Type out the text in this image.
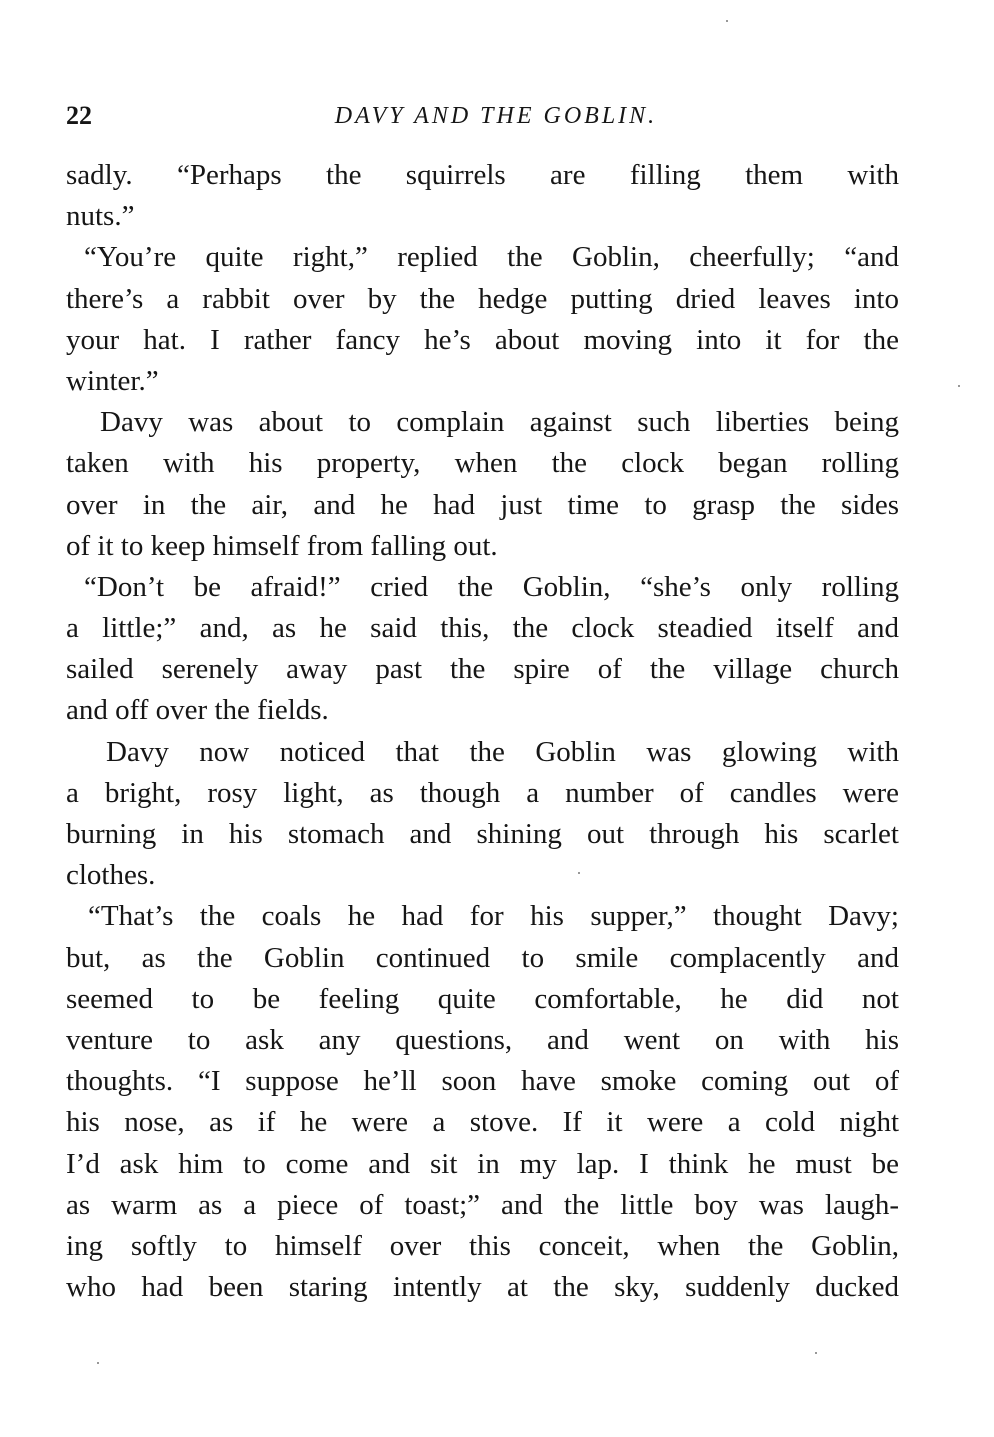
22	DAVY AND THE GOBLIN.
sadly. “Perhaps the squirrels are filling them with
nuts.”
“You’re quite right,” replied the Goblin, cheerfully; “and
there’s a rabbit over by the hedge putting dried leaves into
your hat. I rather fancy he’s about moving into it for the
winter.”
Davy was about to complain against such liberties being
taken with his property, when the clock began rolling
over in the air, and he had just time to grasp the sides
of it to keep himself from falling out.
“Don’t be afraid!” cried the Goblin, “she’s only rolling
a little;” and, as he said this, the clock steadied itself and
sailed serenely away past the spire of the village church
and off over the fields.
Davy now noticed that the Goblin was glowing with
a bright, rosy light, as though a number of candles were
burning in his stomach and shining out through his scarlet
clothes.
“That’s the coals he had for his supper,” thought Davy;
but, as the Goblin continued to smile complacently and
seemed to be feeling quite comfortable, he did not
venture to ask any questions, and went on with his
thoughts. “I suppose he’ll soon have smoke coming out of
his nose, as if he were a stove. If it were a cold night
I’d ask him to come and sit in my lap. I think he must be
as warm as a piece of toast;” and the little boy was laugh-
ing softly to himself over this conceit, when the Goblin,
who had been staring intently at the sky, suddenly ducked
